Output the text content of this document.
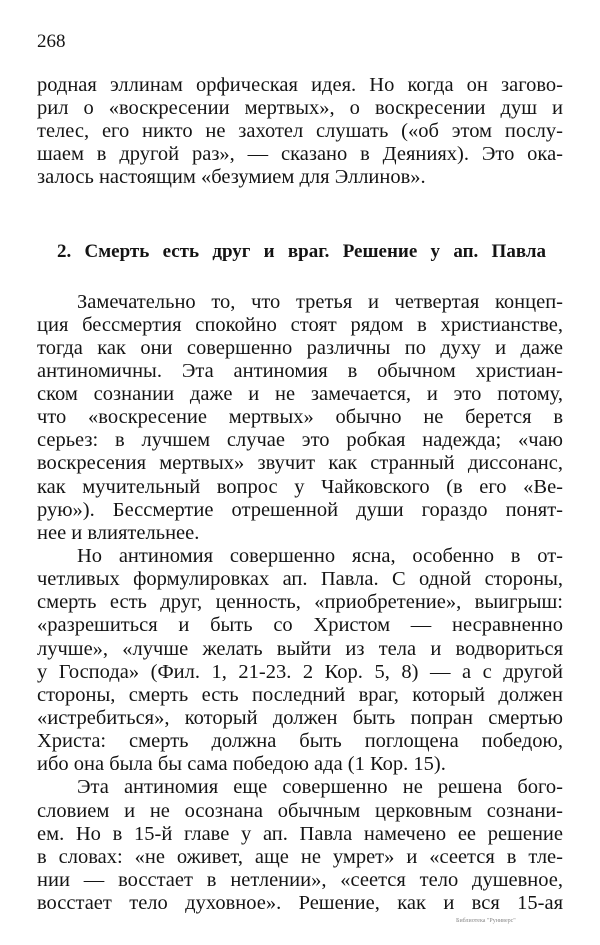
268
родная эллинам орфическая идея. Но когда он загово-
рил о «воскресении мертвых», о воскресении душ и
телес, его никто не захотел слушать («об этом послу-
шаем в другой раз», — сказано в Деяниях). Это ока-
залось настоящим «безумием для Эллинов».
2. Смерть есть друг и враг. Решение у ап. Павла
Замечательно то, что третья и четвертая концеп-
ция бессмертия спокойно стоят рядом в христианстве,
тогда как они совершенно различны по духу и даже
антиномичны. Эта антиномия в обычном христиан-
ском сознании даже и не замечается, и это потому,
что «воскресение мертвых» обычно не берется в
серьез: в лучшем случае это робкая надежда; «чаю
воскресения мертвых» звучит как странный диссонанс,
как мучительный вопрос у Чайковского (в его «Ве-
рую»). Бессмертие отрешенной души гораздо понят-
нее и влиятельнее.
Но антиномия совершенно ясна, особенно в от-
четливых формулировках ап. Павла. С одной стороны,
смерть есть друг, ценность, «приобретение», выигрыш:
«разрешиться и быть со Христом — несравненно
лучше», «лучше желать выйти из тела и водвориться
у Господа» (Фил. 1, 21-23. 2 Кор. 5, 8) — а с другой
стороны, смерть есть последний враг, который должен
«истребиться», который должен быть попран смертью
Христа: смерть должна быть поглощена победою,
ибо она была бы сама победою ада (1 Кор. 15).
Эта антиномия еще совершенно не решена бого-
словием и не осознана обычным церковным сознани-
ем. Но в 15-й главе у ап. Павла намечено ее решение
в словах: «не оживет, аще не умрет» и «сеется в тле-
нии — восстает в нетлении», «сеется тело душевное,
восстает тело духовное». Решение, как и вся 15-ая
Библиотека "Руниверс"
